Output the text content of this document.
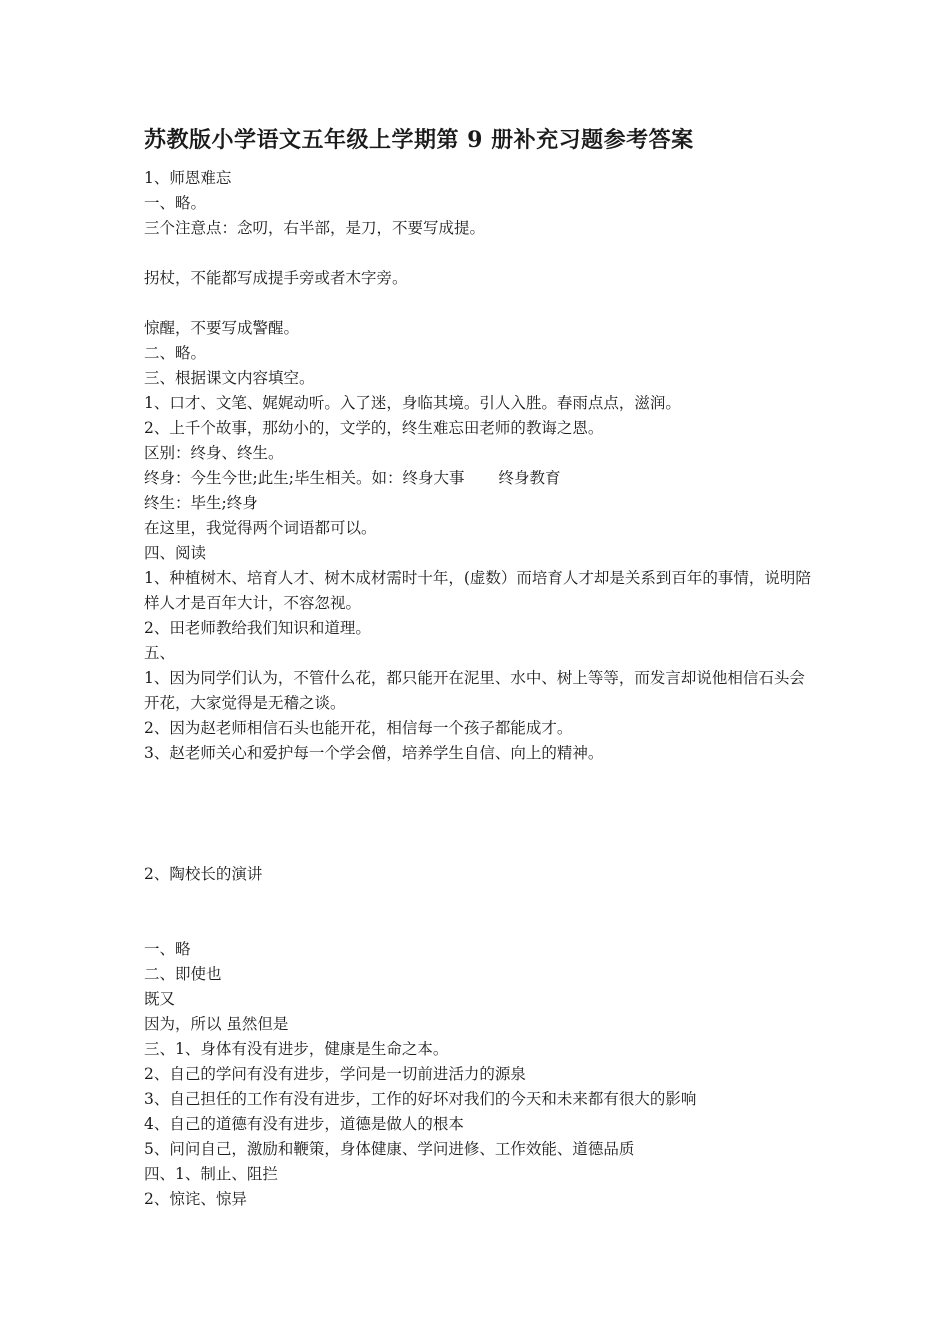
苏教版小学语文五年级上学期第 9 册补充习题参考答案
1、师恩难忘
一、略。
三个注意点：念叨，右半部，是刀，不要写成提。
拐杖，不能都写成提手旁或者木字旁。
惊醒，不要写成警醒。
二、略。
三、根据课文内容填空。
1、口才、文笔、娓娓动听。入了迷，身临其境。引人入胜。春雨点点，滋润。
2、上千个故事，那幼小的，文学的，终生难忘田老师的教诲之恩。
区别：终身、终生。
终身：今生今世;此生;毕生相关。如：终身大事 终身教育
终生：毕生;终身
在这里，我觉得两个词语都可以。
四、阅读
1、种植树木、培育人才、树木成材需时十年，(虚数）而培育人才却是关系到百年的事情，说明陪样人才是百年大计，不容忽视。
2、田老师教给我们知识和道理。
五、
1、因为同学们认为，不管什么花，都只能开在泥里、水中、树上等等，而发言却说他相信石头会开花，大家觉得是无稽之谈。
2、因为赵老师相信石头也能开花，相信每一个孩子都能成才。
3、赵老师关心和爱护每一个学会僧，培养学生自信、向上的精神。
2、陶校长的演讲
一、略
二、即使也
既又
因为，所以 虽然但是
三、1、身体有没有进步，健康是生命之本。
2、自己的学问有没有进步，学问是一切前进活力的源泉
3、自己担任的工作有没有进步，工作的好坏对我们的今天和未来都有很大的影响
4、自己的道德有没有进步，道德是做人的根本
5、问问自己，激励和鞭策，身体健康、学问进修、工作效能、道德品质
四、1、制止、阻拦
2、惊诧、惊异
